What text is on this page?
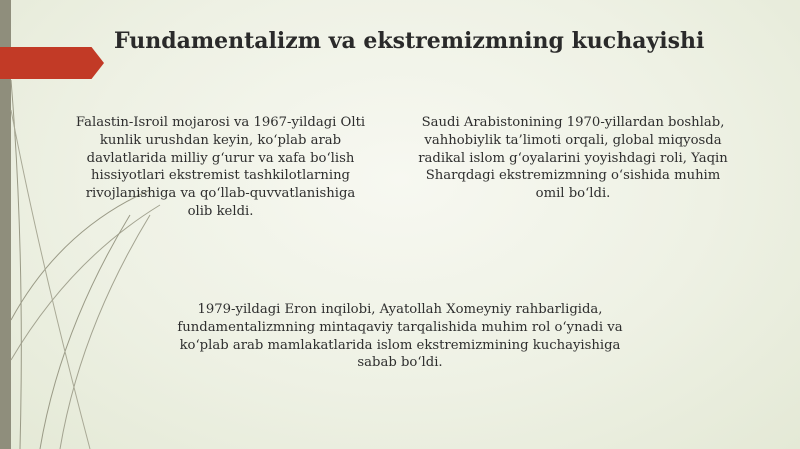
Fundamentalizm va ekstremizmning kuchayishi
Falastin-Isroil mojarosi va 1967-yildagi Olti
kunlik urushdan keyin, ko‘plab arab
davlatlarida milliy g‘urur va xafa bo‘lish
hissiyotlari ekstremist tashkilotlarning
rivojlanishiga va qo‘llab-quvvatlanishiga
olib keldi.
Saudi Arabistonining 1970-yillardan boshlab,
vahhobiylik ta’limoti orqali, global miqyosda
radikal islom g‘oyalarini yoyishdagi roli, Yaqin
Sharqdagi ekstremizmning o‘sishida muhim
omil bo‘ldi.
1979-yildagi Eron inqilobi, Ayatollah Xomeyniy rahbarligida,
fundamentalizmning mintaqaviy tarqalishida muhim rol o‘ynadi va
ko‘plab arab mamlakatlarida islom ekstremizmining kuchayishiga
sabab bo‘ldi.
